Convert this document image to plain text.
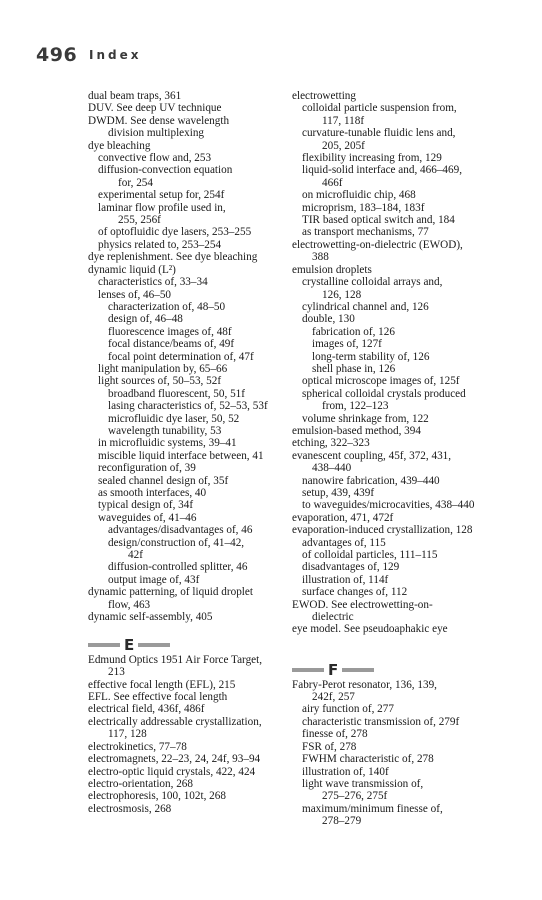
496 Index
dual beam traps, 361
DUV. See deep UV technique
DWDM. See dense wavelength
division multiplexing
dye bleaching
convective flow and, 253
diffusion-convection equation
for, 254
experimental setup for, 254f
laminar flow profile used in,
255, 256f
of optofluidic dye lasers, 253–255
physics related to, 253–254
dye replenishment. See dye bleaching
dynamic liquid (L²)
characteristics of, 33–34
lenses of, 46–50
characterization of, 48–50
design of, 46–48
fluorescence images of, 48f
focal distance/beams of, 49f
focal point determination of, 47f
light manipulation by, 65–66
light sources of, 50–53, 52f
broadband fluorescent, 50, 51f
lasing characteristics of, 52–53, 53f
microfluidic dye laser, 50, 52
wavelength tunability, 53
in microfluidic systems, 39–41
miscible liquid interface between, 41
reconfiguration of, 39
sealed channel design of, 35f
as smooth interfaces, 40
typical design of, 34f
waveguides of, 41–46
advantages/disadvantages of, 46
design/construction of, 41–42,
42f
diffusion-controlled splitter, 46
output image of, 43f
dynamic patterning, of liquid droplet
flow, 463
dynamic self-assembly, 405
E
Edmund Optics 1951 Air Force Target,
213
effective focal length (EFL), 215
EFL. See effective focal length
electrical field, 436f, 486f
electrically addressable crystallization,
117, 128
electrokinetics, 77–78
electromagnets, 22–23, 24, 24f, 93–94
electro-optic liquid crystals, 422, 424
electro-orientation, 268
electrophoresis, 100, 102t, 268
electrosmosis, 268
electrowetting
colloidal particle suspension from,
117, 118f
curvature-tunable fluidic lens and,
205, 205f
flexibility increasing from, 129
liquid-solid interface and, 466–469,
466f
on microfluidic chip, 468
microprism, 183–184, 183f
TIR based optical switch and, 184
as transport mechanisms, 77
electrowetting-on-dielectric (EWOD),
388
emulsion droplets
crystalline colloidal arrays and,
126, 128
cylindrical channel and, 126
double, 130
fabrication of, 126
images of, 127f
long-term stability of, 126
shell phase in, 126
optical microscope images of, 125f
spherical colloidal crystals produced
from, 122–123
volume shrinkage from, 122
emulsion-based method, 394
etching, 322–323
evanescent coupling, 45f, 372, 431,
438–440
nanowire fabrication, 439–440
setup, 439, 439f
to waveguides/microcavities, 438–440
evaporation, 471, 472f
evaporation-induced crystallization, 128
advantages of, 115
of colloidal particles, 111–115
disadvantages of, 129
illustration of, 114f
surface changes of, 112
EWOD. See electrowetting-on-
dielectric
eye model. See pseudoaphakic eye
F
Fabry-Perot resonator, 136, 139,
242f, 257
airy function of, 277
characteristic transmission of, 279f
finesse of, 278
FSR of, 278
FWHM characteristic of, 278
illustration of, 140f
light wave transmission of,
275–276, 275f
maximum/minimum finesse of,
278–279
